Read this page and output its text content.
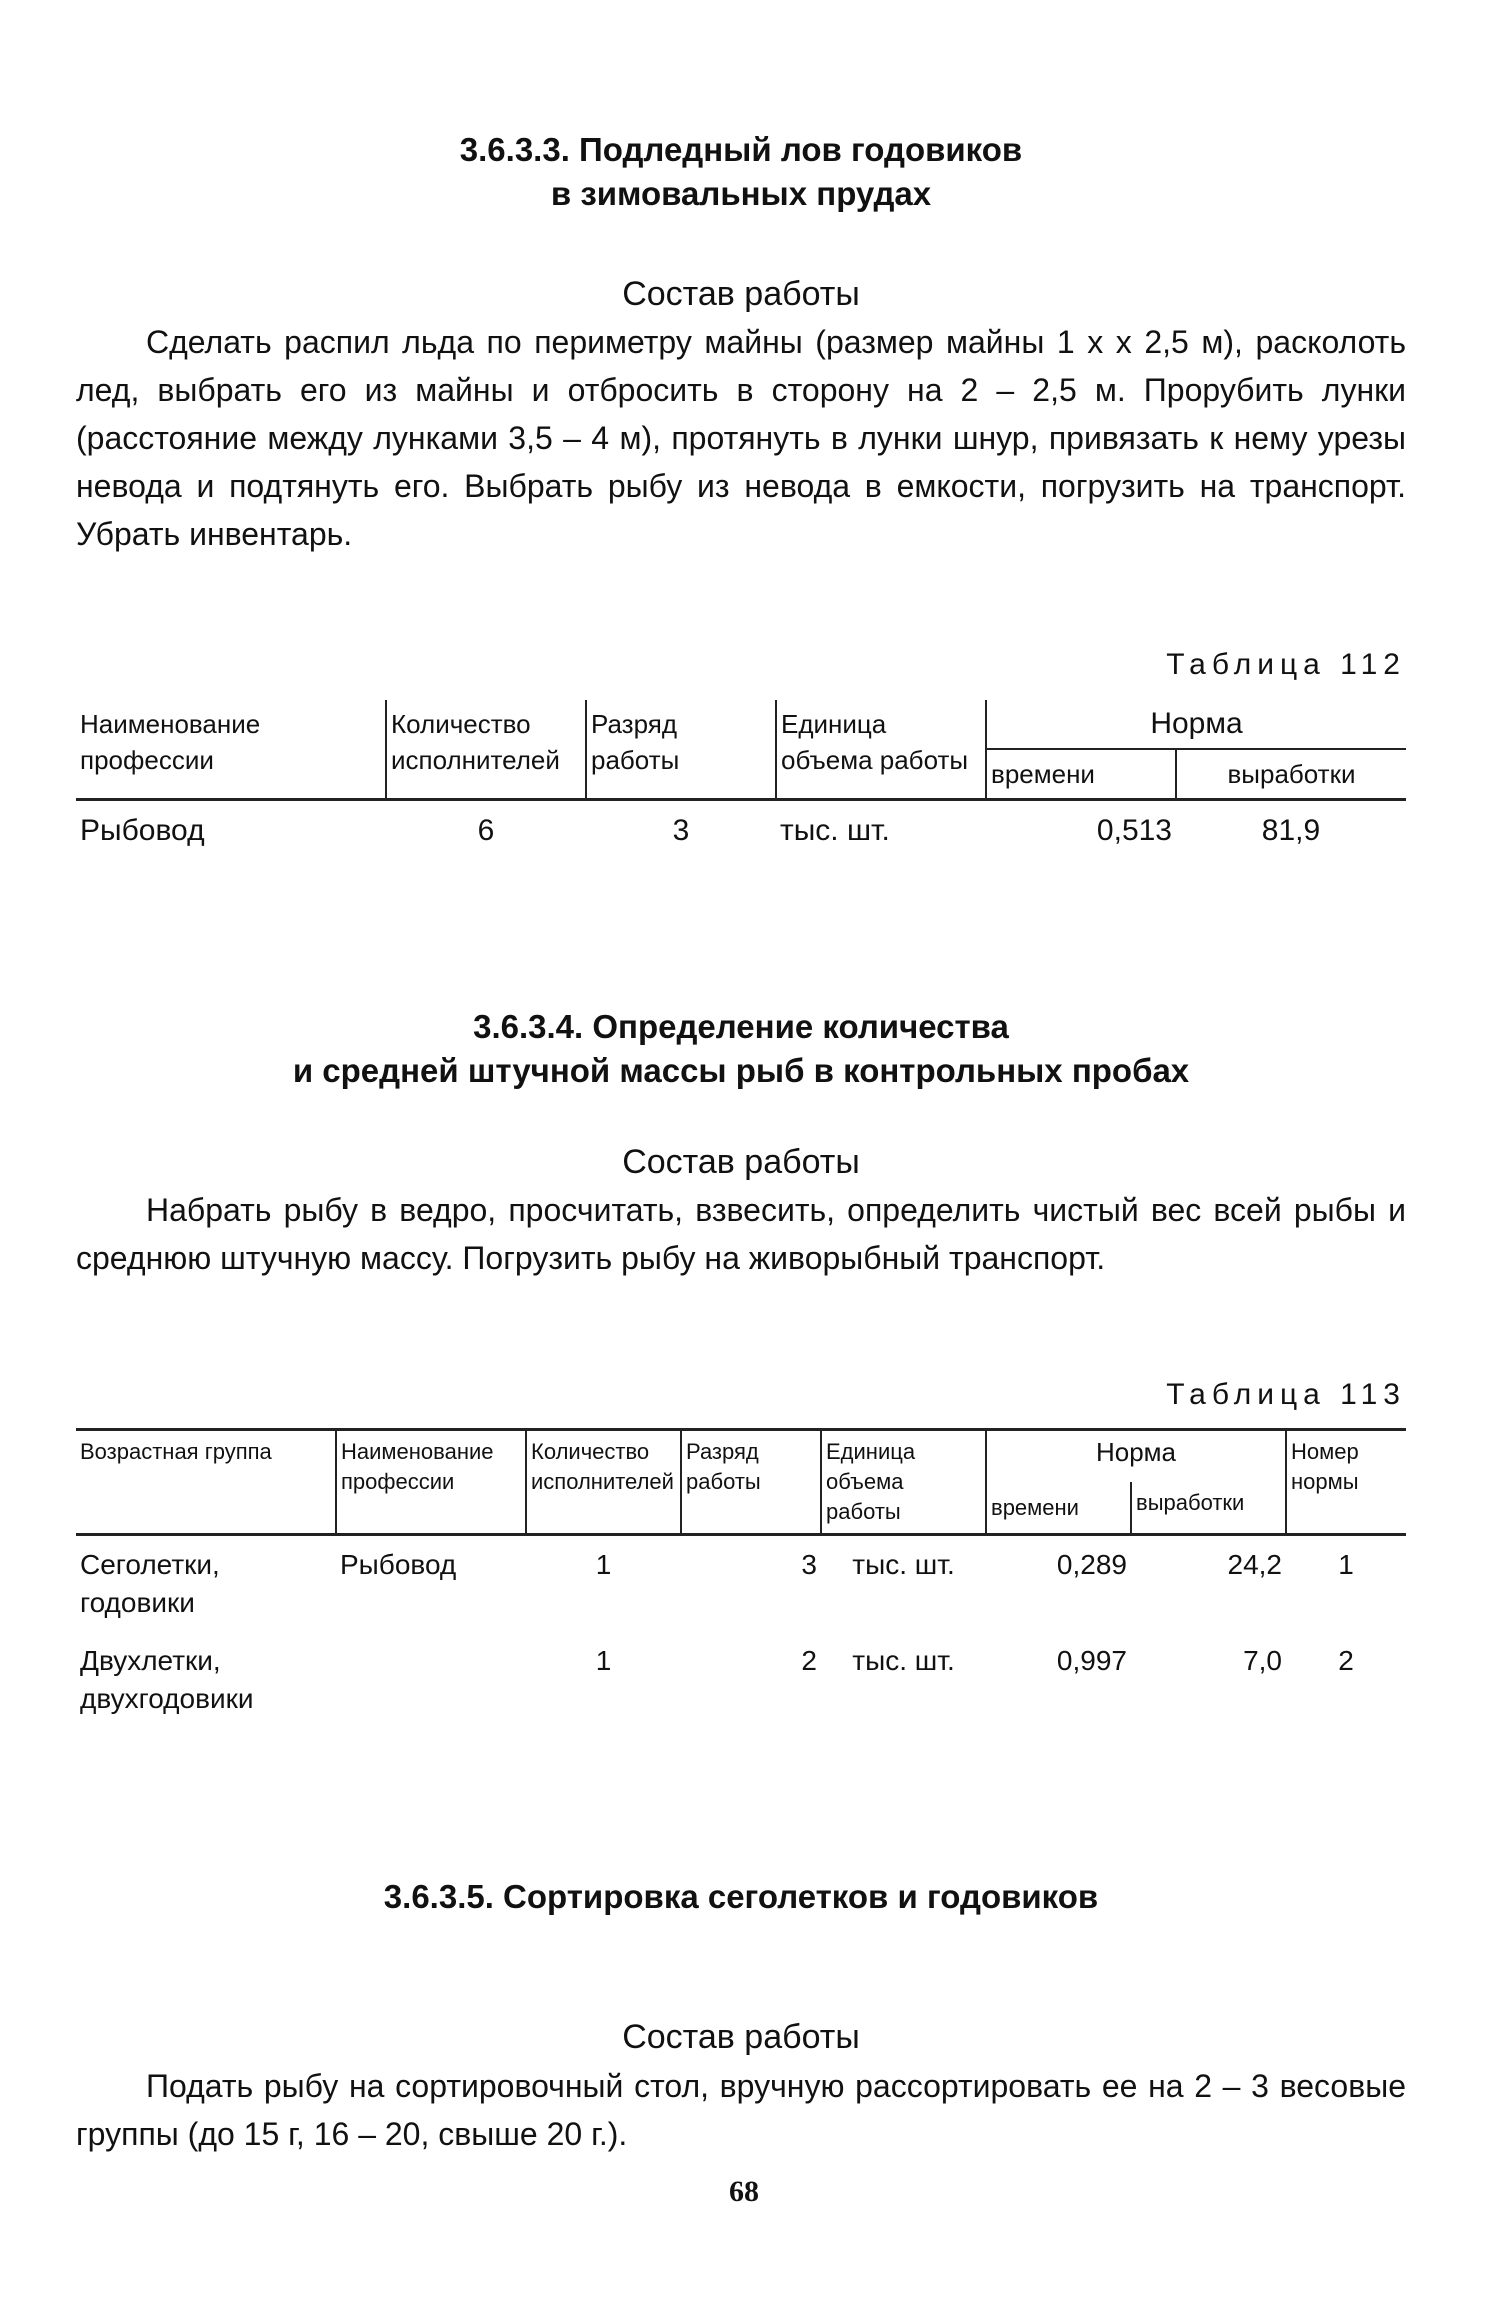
3.6.3.3. Подледный лов годовиков

в зимовальных прудах

Состав работы

Сделать распил льда по периметру майны (размер майны 1 х х 2,5 м), расколоть лед, выбрать его из майны и отбросить в сторону на 2 – 2,5 м. Прорубить лунки (расстояние между лунками 3,5 – 4 м), протянуть в лунки шнур, привязать к нему урезы невода и подтянуть его. Выбрать рыбу из невода в емкости, погрузить на транспорт. Убрать инвентарь.

Таблица 112

Наименование профессии	Количество исполнителей	Разряд работы	Единица объема работы	Норма	
				времени	выработки
Рыбовод	6	3	тыс. шт.	0,513	81,9

3.6.3.4. Определение количества

и средней штучной массы рыб в контрольных пробах

Состав работы

Набрать рыбу в ведро, просчитать, взвесить, определить чистый вес всей рыбы и среднюю штучную массу. Погрузить рыбу на живорыбный транспорт.

Таблица 113

Возрастная группа	Наименование профессии	Количество исполнителей	Разряд работы	Единица объема работы	Норма		Номер нормы
					времени	выработки	
Сеголетки, годовики	Рыбовод	1	3	тыс. шт.	0,289	24,2	1
Двухлетки, двухгодовики		1	2	тыс. шт.	0,997	7,0	2

3.6.3.5. Сортировка сеголетков и годовиков

Состав работы

Подать рыбу на сортировочный стол, вручную рассортировать ее на 2 – 3 весовые группы (до 15 г, 16 – 20, свыше 20 г.).

68
